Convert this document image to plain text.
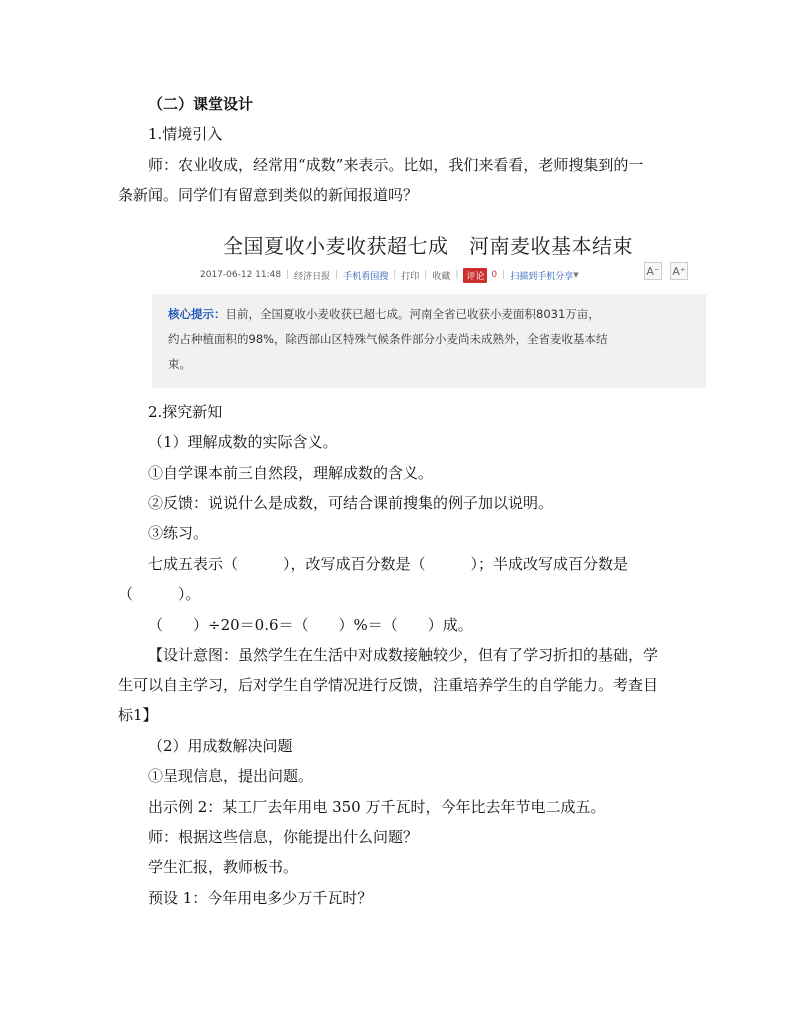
（二）课堂设计
1.情境引入
师：农业收成，经常用“成数”来表示。比如，我们来看看，老师搜集到的一
条新闻。同学们有留意到类似的新闻报道吗？
全国夏收小麦收获超七成　河南麦收基本结束
2017-06-12 11:48 | 经济日报 | 手机看国搜 | 打印 | 收藏 | 评论 0 | 扫描到手机分享 ▼	A⁻ A⁺
核心提示：目前，全国夏收小麦收获已超七成。河南全省已收获小麦面积8031万亩，
约占种植面积的98%，除西部山区特殊气候条件部分小麦尚未成熟外，全省麦收基本结
束。
2.探究新知
（1）理解成数的实际含义。
①自学课本前三自然段，理解成数的含义。
②反馈：说说什么是成数，可结合课前搜集的例子加以说明。
③练习。
七成五表示（　　　），改写成百分数是（　　　）；半成改写成百分数是
（　　　）。
（　　）÷20＝0.6＝（　　）%＝（　　）成。
【设计意图：虽然学生在生活中对成数接触较少，但有了学习折扣的基础，学
生可以自主学习，后对学生自学情况进行反馈，注重培养学生的自学能力。考查目
标1】
（2）用成数解决问题
①呈现信息，提出问题。
出示例 2：某工厂去年用电 350 万千瓦时，今年比去年节电二成五。
师：根据这些信息，你能提出什么问题？
学生汇报，教师板书。
预设 1：今年用电多少万千瓦时？
